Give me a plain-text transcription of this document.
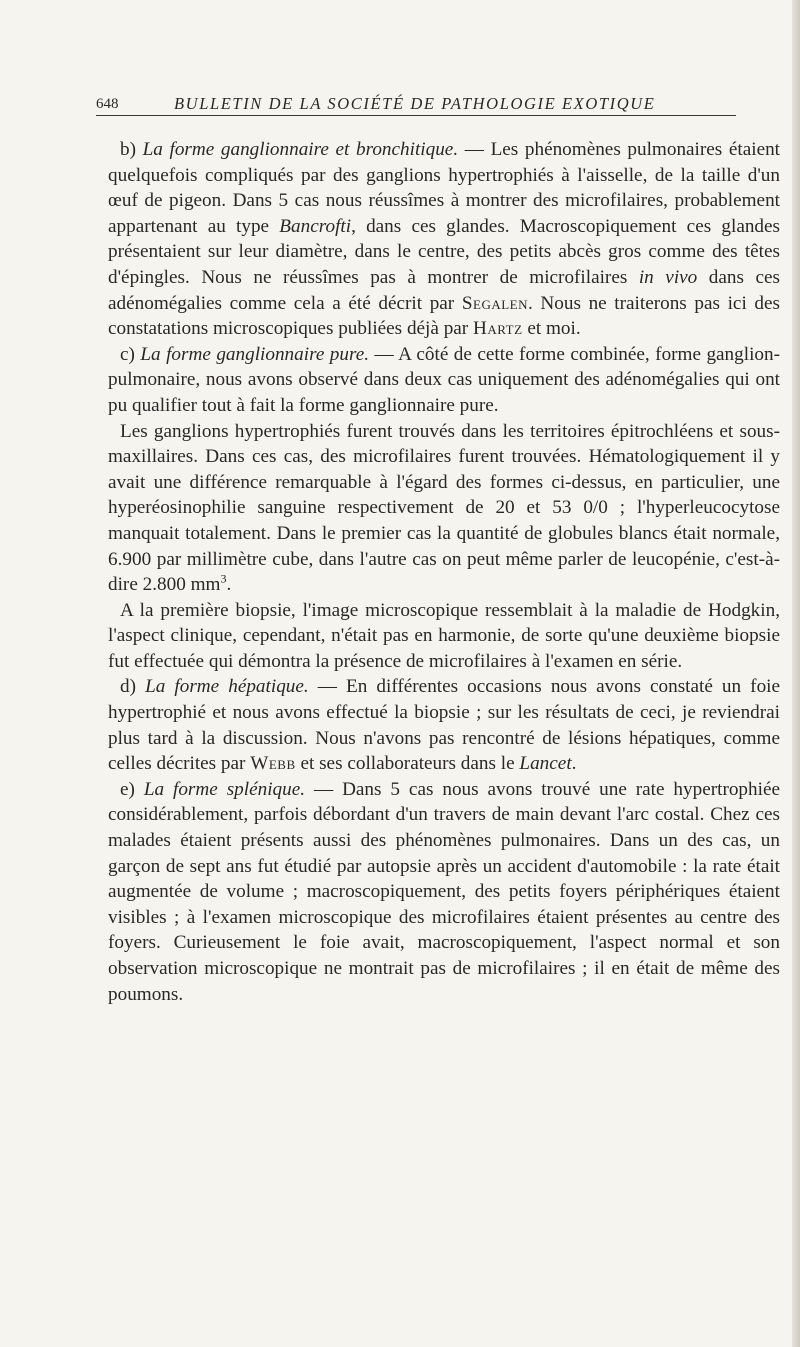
648	BULLETIN DE LA SOCIÉTÉ DE PATHOLOGIE EXOTIQUE

b) La forme ganglionnaire et bronchitique. — Les phénomènes pulmonaires étaient quelquefois compliqués par des ganglions hypertrophiés à l'aisselle, de la taille d'un œuf de pigeon. Dans 5 cas nous réussîmes à montrer des microfilaires, probablement appartenant au type Bancrofti, dans ces glandes. Macroscopiquement ces glandes présentaient sur leur diamètre, dans le centre, des petits abcès gros comme des têtes d'épingles. Nous ne réussîmes pas à montrer de microfilaires in vivo dans ces adénomégalies comme cela a été décrit par Segalen. Nous ne traiterons pas ici des constatations microscopiques publiées déjà par Hartz et moi.

c) La forme ganglionnaire pure. — A côté de cette forme combinée, forme ganglion-pulmonaire, nous avons observé dans deux cas uniquement des adénomégalies qui ont pu qualifier tout à fait la forme ganglionnaire pure.

Les ganglions hypertrophiés furent trouvés dans les territoires épitrochléens et sous-maxillaires. Dans ces cas, des microfilaires furent trouvées. Hématologiquement il y avait une différence remarquable à l'égard des formes ci-dessus, en particulier, une hyperéosinophilie sanguine respectivement de 20 et 53 0/0 ; l'hyperleucocytose manquait totalement. Dans le premier cas la quantité de globules blancs était normale, 6.900 par millimètre cube, dans l'autre cas on peut même parler de leucopénie, c'est-à-dire 2.800 $mm^3$.

A la première biopsie, l'image microscopique ressemblait à la maladie de Hodgkin, l'aspect clinique, cependant, n'était pas en harmonie, de sorte qu'une deuxième biopsie fut effectuée qui démontra la présence de microfilaires à l'examen en série.

d) La forme hépatique. — En différentes occasions nous avons constaté un foie hypertrophié et nous avons effectué la biopsie ; sur les résultats de ceci, je reviendrai plus tard à la discussion. Nous n'avons pas rencontré de lésions hépatiques, comme celles décrites par Webb et ses collaborateurs dans le Lancet.

e) La forme splénique. — Dans 5 cas nous avons trouvé une rate hypertrophiée considérablement, parfois débordant d'un travers de main devant l'arc costal. Chez ces malades étaient présents aussi des phénomènes pulmonaires. Dans un des cas, un garçon de sept ans fut étudié par autopsie après un accident d'automobile : la rate était augmentée de volume ; macroscopiquement, des petits foyers périphériques étaient visibles ; à l'examen microscopique des microfilaires étaient présentes au centre des foyers. Curieusement le foie avait, macroscopiquement, l'aspect normal et son observation microscopique ne montrait pas de microfilaires ; il en était de même des poumons.
